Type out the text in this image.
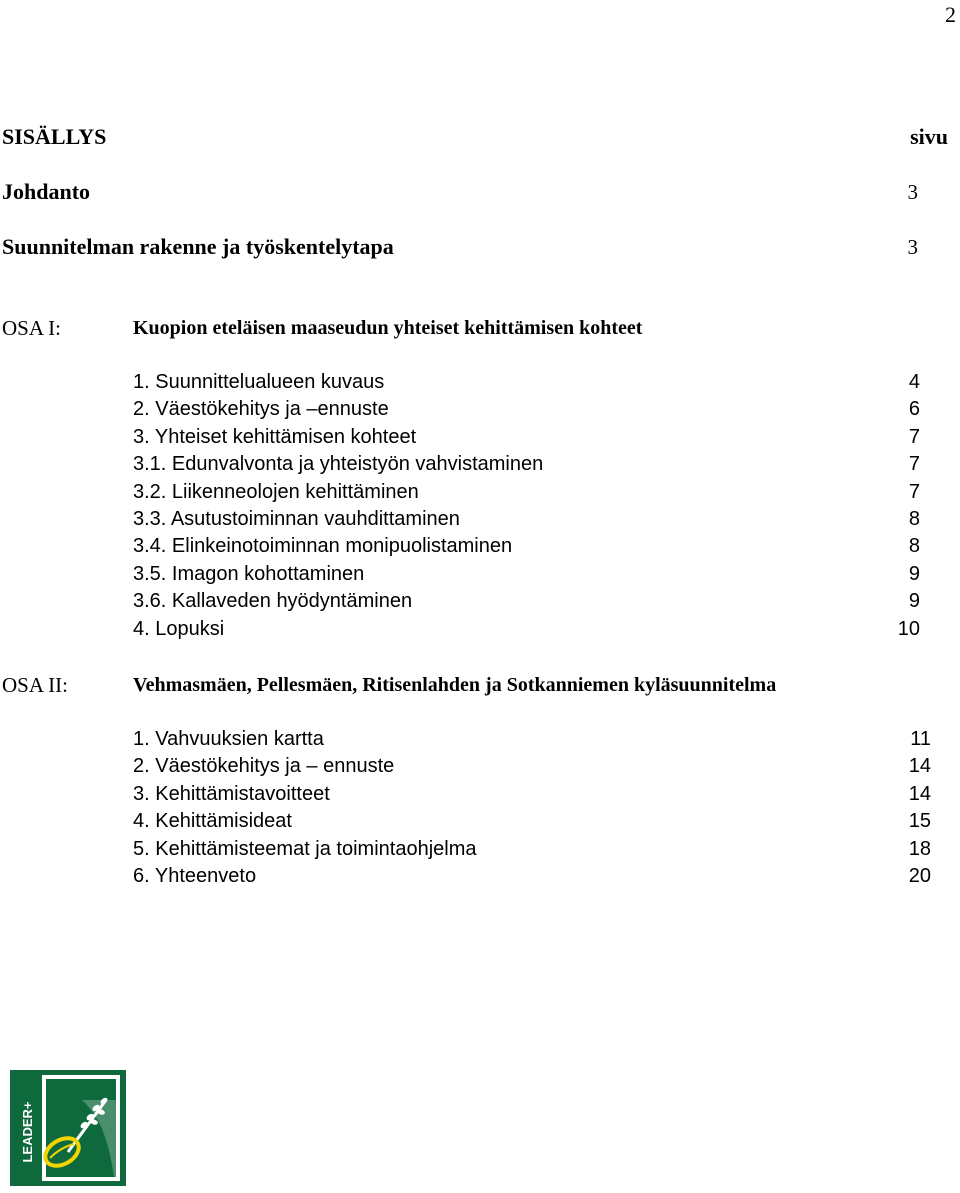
2
SISÄLLYS	sivu
Johdanto	3
Suunnitelman rakenne ja työskentelytapa	3
OSA I:	Kuopion eteläisen maaseudun yhteiset kehittämisen kohteet
1. Suunnittelualueen kuvaus	4
2. Väestökehitys ja –ennuste	6
3. Yhteiset kehittämisen kohteet	7
3.1. Edunvalvonta ja yhteistyön vahvistaminen	7
3.2. Liikenneolojen kehittäminen	7
3.3. Asutustoiminnan vauhdittaminen	8
3.4. Elinkeinotoiminnan monipuolistaminen	8
3.5. Imagon kohottaminen	9
3.6. Kallaveden hyödyntäminen	9
4. Lopuksi	10
OSA II:	Vehmasmäen, Pellesmäen, Ritisenlahden ja Sotkanniemen kyläsuunnitelma
1. Vahvuuksien kartta	11
2. Väestökehitys ja – ennuste	14
3. Kehittämistavoitteet	14
4. Kehittämisideat	15
5. Kehittämisteemat ja toimintaohjelma	18
6. Yhteenveto	20
LEADER+
